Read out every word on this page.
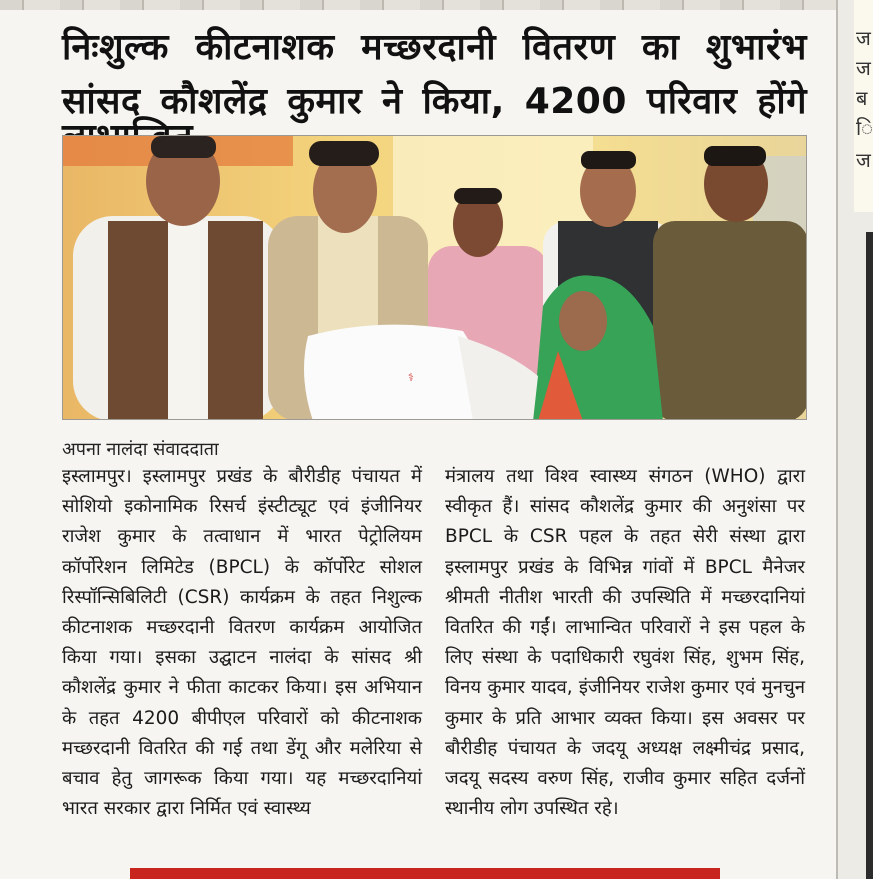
ज
ज
ब
ि
ज
निःशुल्क कीटनाशक मच्छरदानी वितरण का शुभारंभ
सांसद कौशलेंद्र कुमार ने किया, 4200 परिवार होंगे
⚕
अपना नालंदा संवाददाता

इस्लामपुर। इस्लामपुर प्रखंड के बौरीडीह पंचायत में सोशियो इकोनामिक रिसर्च इंस्टीट्यूट एवं इंजीनियर राजेश कुमार के तत्वाधान में भारत पेट्रोलियम कॉर्पोरेशन लिमिटेड (BPCL) के कॉर्पोरेट सोशल रिस्पॉन्सिबिलिटी (CSR) कार्यक्रम के तहत निशुल्क कीटनाशक मच्छरदानी वितरण कार्यक्रम आयोजित किया गया। इसका उद्घाटन नालंदा के सांसद श्री कौशलेंद्र कुमार ने फीता काटकर किया। इस अभियान के तहत 4200 बीपीएल परिवारों को कीटनाशक मच्छरदानी वितरित की गई तथा डेंगू और मलेरिया से बचाव हेतु जागरूक किया गया। यह मच्छरदानियां भारत सरकार द्वारा निर्मित एवं स्वास्थ्य

मंत्रालय तथा विश्व स्वास्थ्य संगठन (WHO) द्वारा स्वीकृत हैं। सांसद कौशलेंद्र कुमार की अनुशंसा पर BPCL के CSR पहल के तहत सेरी संस्था द्वारा इस्लामपुर प्रखंड के विभिन्न गांवों में BPCL मैनेजर श्रीमती नीतीश भारती की उपस्थिति में मच्छरदानियां वितरित की गईं। लाभान्वित परिवारों ने इस पहल के लिए संस्था के पदाधिकारी रघुवंश सिंह, शुभम सिंह, विनय कुमार यादव, इंजीनियर राजेश कुमार एवं मुनचुन कुमार के प्रति आभार व्यक्त किया। इस अवसर पर बौरीडीह पंचायत के जदयू अध्यक्ष लक्ष्मीचंद्र प्रसाद, जदयू सदस्य वरुण सिंह, राजीव कुमार सहित दर्जनों स्थानीय लोग उपस्थित रहे।
